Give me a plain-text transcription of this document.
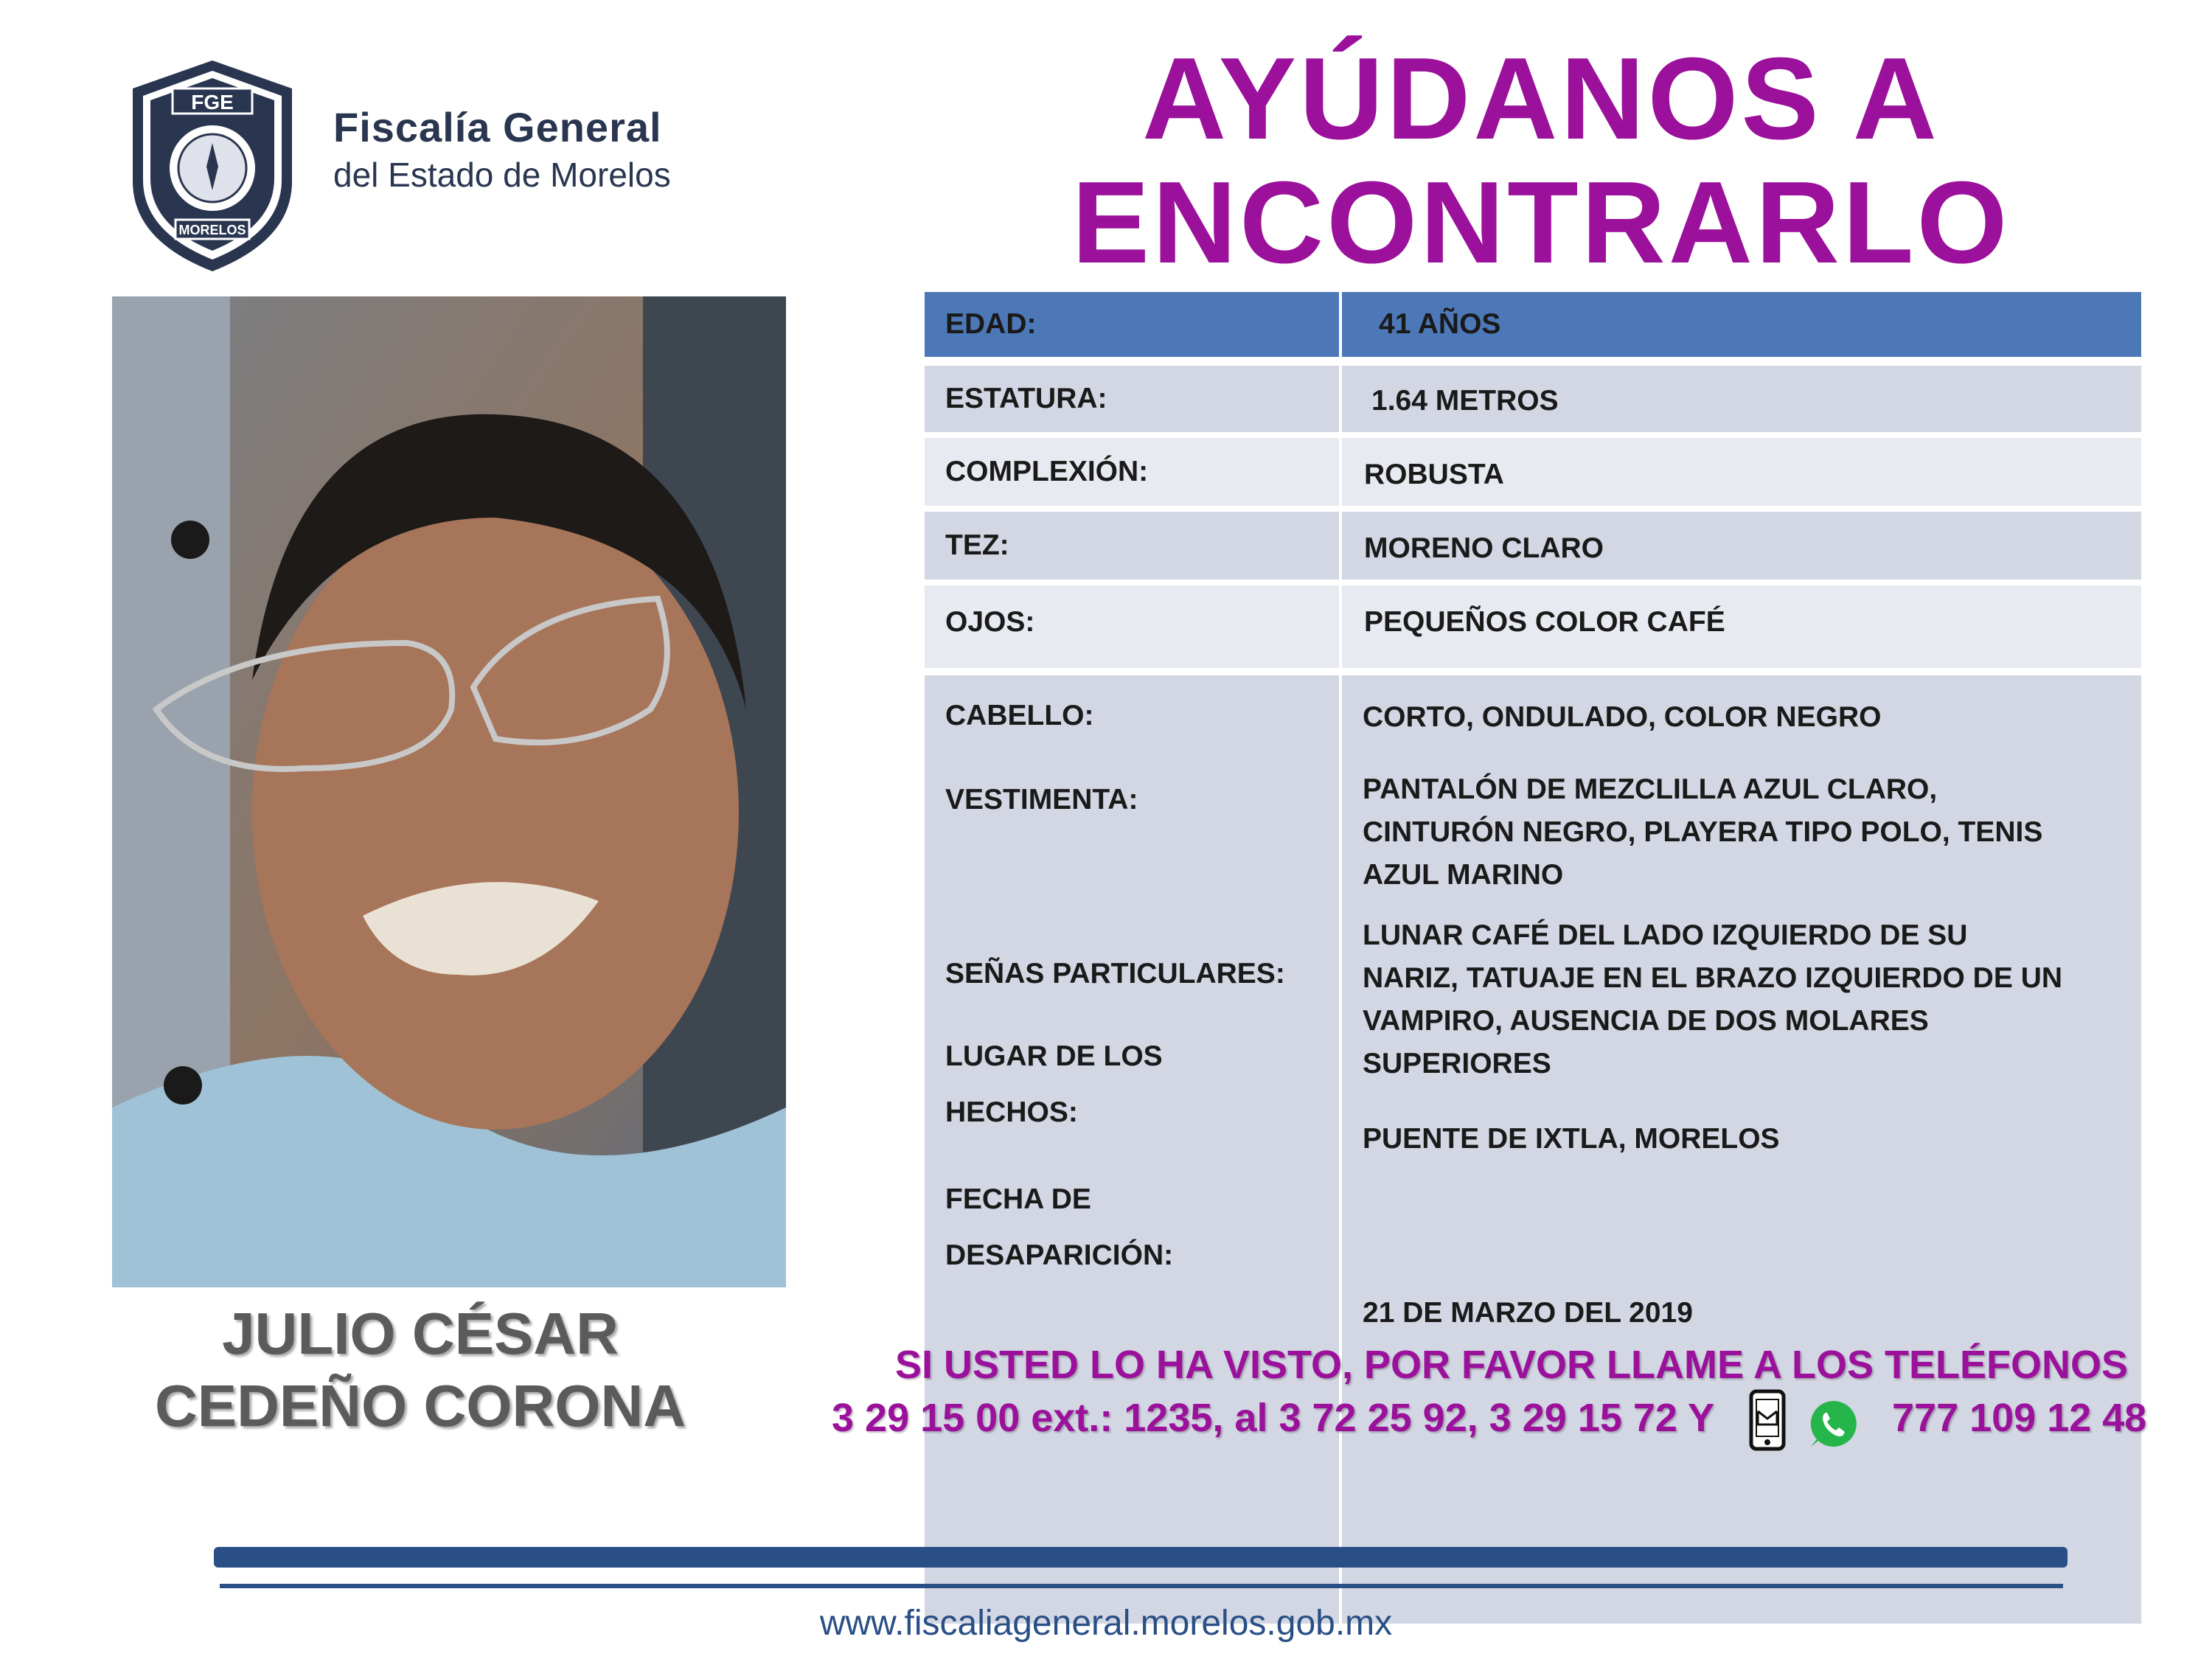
FGE
MORELOS
Fiscalía General
del Estado de Morelos
AYÚDANOS A
ENCONTRARLO
JULIO CÉSAR
CEDEÑO CORONA
EDAD:	41 AÑOS
ESTATURA:	1.64 METROS
COMPLEXIÓN:	ROBUSTA
TEZ:	MORENO CLARO
OJOS:	PEQUEÑOS COLOR CAFÉ
CABELLO:	CORTO, ONDULADO, COLOR NEGRO
VESTIMENTA:	PANTALÓN DE MEZCLILLA AZUL CLARO,
CINTURÓN NEGRO, PLAYERA TIPO POLO, TENIS
AZUL MARINO
SEÑAS PARTICULARES:
LUNAR CAFÉ DEL LADO IZQUIERDO DE SU
NARIZ, TATUAJE EN EL BRAZO IZQUIERDO DE UN
VAMPIRO, AUSENCIA DE DOS MOLARES
SUPERIORES
LUGAR DE LOS
HECHOS:
PUENTE DE IXTLA, MORELOS
FECHA DE
DESAPARICIÓN:
21 DE MARZO DEL 2019
SI USTED LO HA VISTO, POR FAVOR LLAME A LOS TELÉFONOS
3 29 15 00 ext.: 1235, al 3 72 25 92, 3 29 15 72 Y	777 109 12 48
www.fiscaliageneral.morelos.gob.mx
